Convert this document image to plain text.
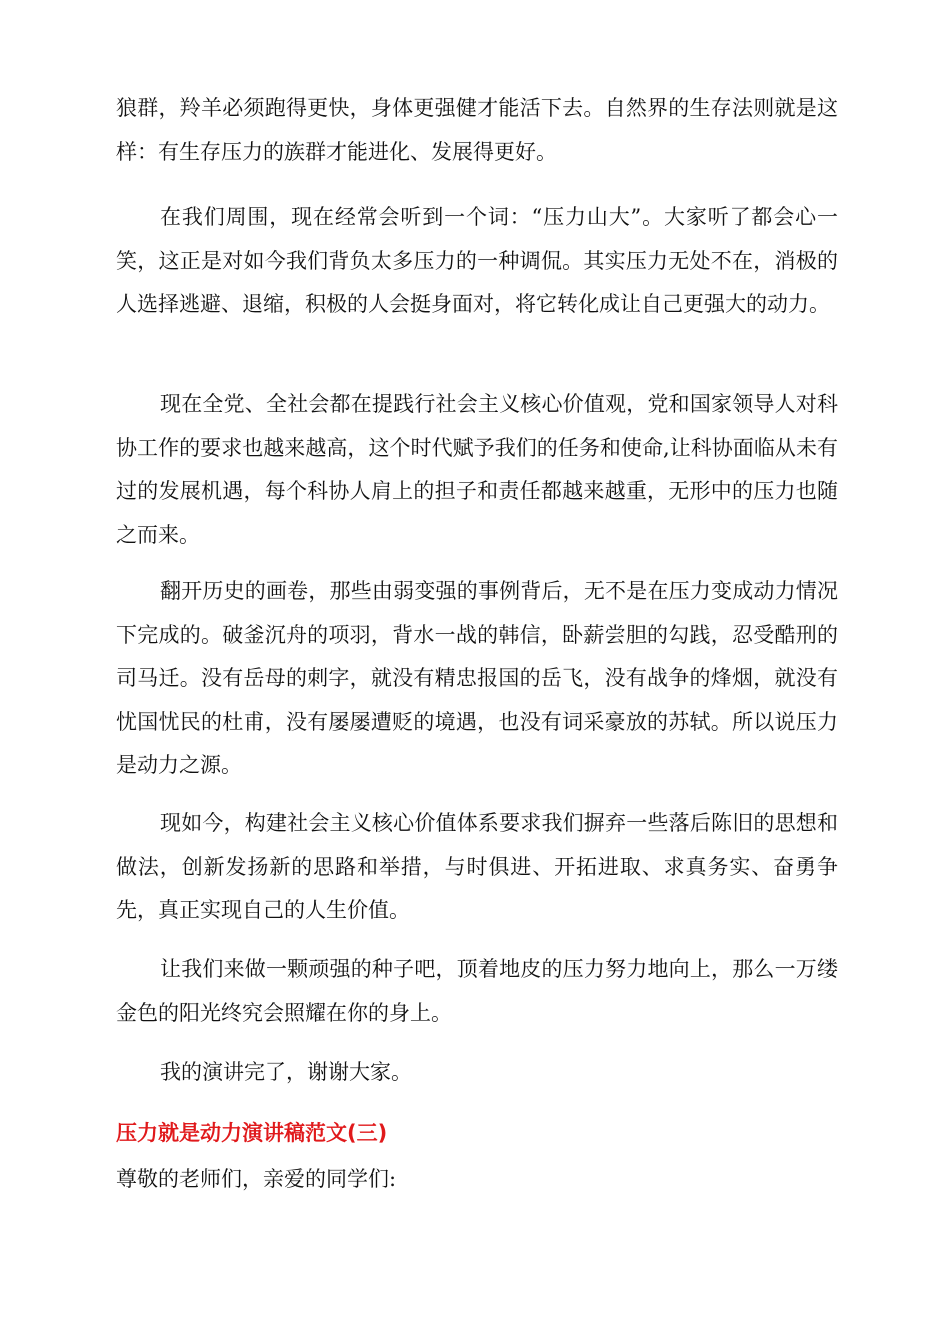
狼群，羚羊必须跑得更快，身体更强健才能活下去。自然界的生存法则就是这样：有生存压力的族群才能进化、发展得更好。

在我们周围，现在经常会听到一个词：“压力山大”。大家听了都会心一笑，这正是对如今我们背负太多压力的一种调侃。其实压力无处不在，消极的人选择逃避、退缩，积极的人会挺身面对，将它转化成让自己更强大的动力。

现在全党、全社会都在提践行社会主义核心价值观，党和国家领导人对科协工作的要求也越来越高，这个时代赋予我们的任务和使命,让科协面临从未有过的发展机遇，每个科协人肩上的担子和责任都越来越重，无形中的压力也随之而来。

翻开历史的画卷，那些由弱变强的事例背后，无不是在压力变成动力情况下完成的。破釜沉舟的项羽，背水一战的韩信，卧薪尝胆的勾践，忍受酷刑的司马迁。没有岳母的刺字，就没有精忠报国的岳飞，没有战争的烽烟，就没有忧国忧民的杜甫，没有屡屡遭贬的境遇，也没有词采豪放的苏轼。所以说压力是动力之源。

现如今，构建社会主义核心价值体系要求我们摒弃一些落后陈旧的思想和做法，创新发扬新的思路和举措，与时俱进、开拓进取、求真务实、奋勇争先，真正实现自己的人生价值。

让我们来做一颗顽强的种子吧，顶着地皮的压力努力地向上，那么一万缕金色的阳光终究会照耀在你的身上。

我的演讲完了，谢谢大家。

压力就是动力演讲稿范文(三)

尊敬的老师们，亲爱的同学们:
